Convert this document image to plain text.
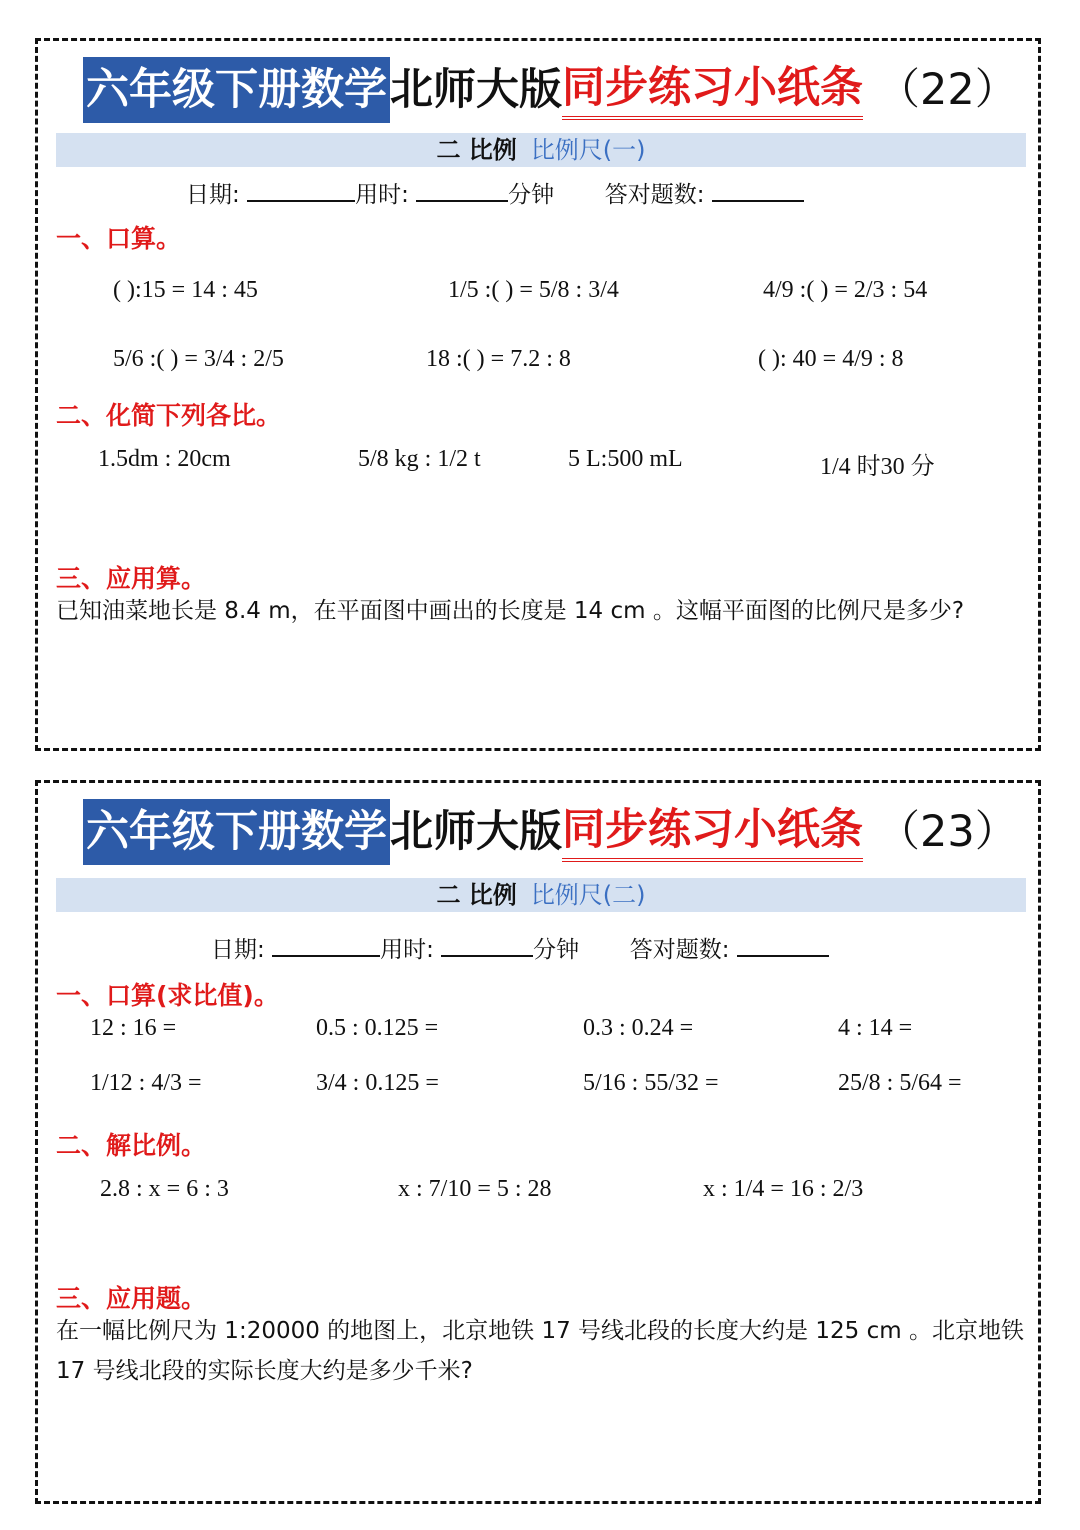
六年级下册数学 北师大版 同步练习小纸条 （22）
二 比例 比例尺(一)
日期:	用时:	分钟 答对题数:
一、口算。
( ):15 = 14 : 45	1/5 :( ) = 5/8 : 3/4	4/9 :( ) = 2/3 : 54
5/6 :( ) = 3/4 : 2/5	18 :( ) = 7.2 : 8	( ): 40 = 4/9 : 8
二、化简下列各比。
1.5dm : 20cm	5/8 kg : 1/2 t	5 L:500 mL	1/4 时30 分
三、应用算。
已知油菜地长是 8.4 m，在平面图中画出的长度是 14 cm 。这幅平面图的比例尺是多少?
六年级下册数学 北师大版 同步练习小纸条 （23）
二 比例 比例尺(二)
日期:	用时:	分钟 答对题数:
一、口算(求比值)。
12 : 16 =	0.5 : 0.125 =	0.3 : 0.24 =	4 : 14 =
1/12 : 4/3 =	3/4 : 0.125 =	5/16 : 55/32 =	25/8 : 5/64 =
二、解比例。
2.8 : x = 6 : 3	x : 7/10 = 5 : 28	x : 1/4 = 16 : 2/3
三、应用题。
在一幅比例尺为 1:20000 的地图上，北京地铁 17 号线北段的长度大约是 125 cm 。北京地铁 17 号线北段的实际长度大约是多少千米?
